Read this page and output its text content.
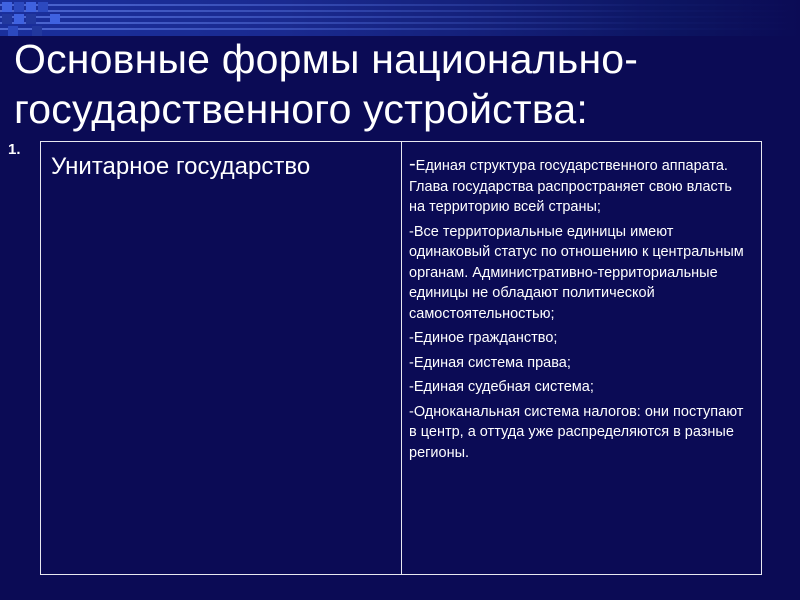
Основные формы национально-
государственного устройства:
1.
Унитарное государство	-Единая структура государственного аппарата. Глава государства распространяет свою власть на территорию всей страны;
-Все территориальные единицы имеют одинаковый статус по отношению к центральным органам. Административно-территориальные единицы не обладают политической самостоятельностью;
-Единое гражданство;
-Единая система права;
-Единая судебная система;
-Одноканальная система налогов: они поступают в центр, а оттуда уже распределяются в разные регионы.
